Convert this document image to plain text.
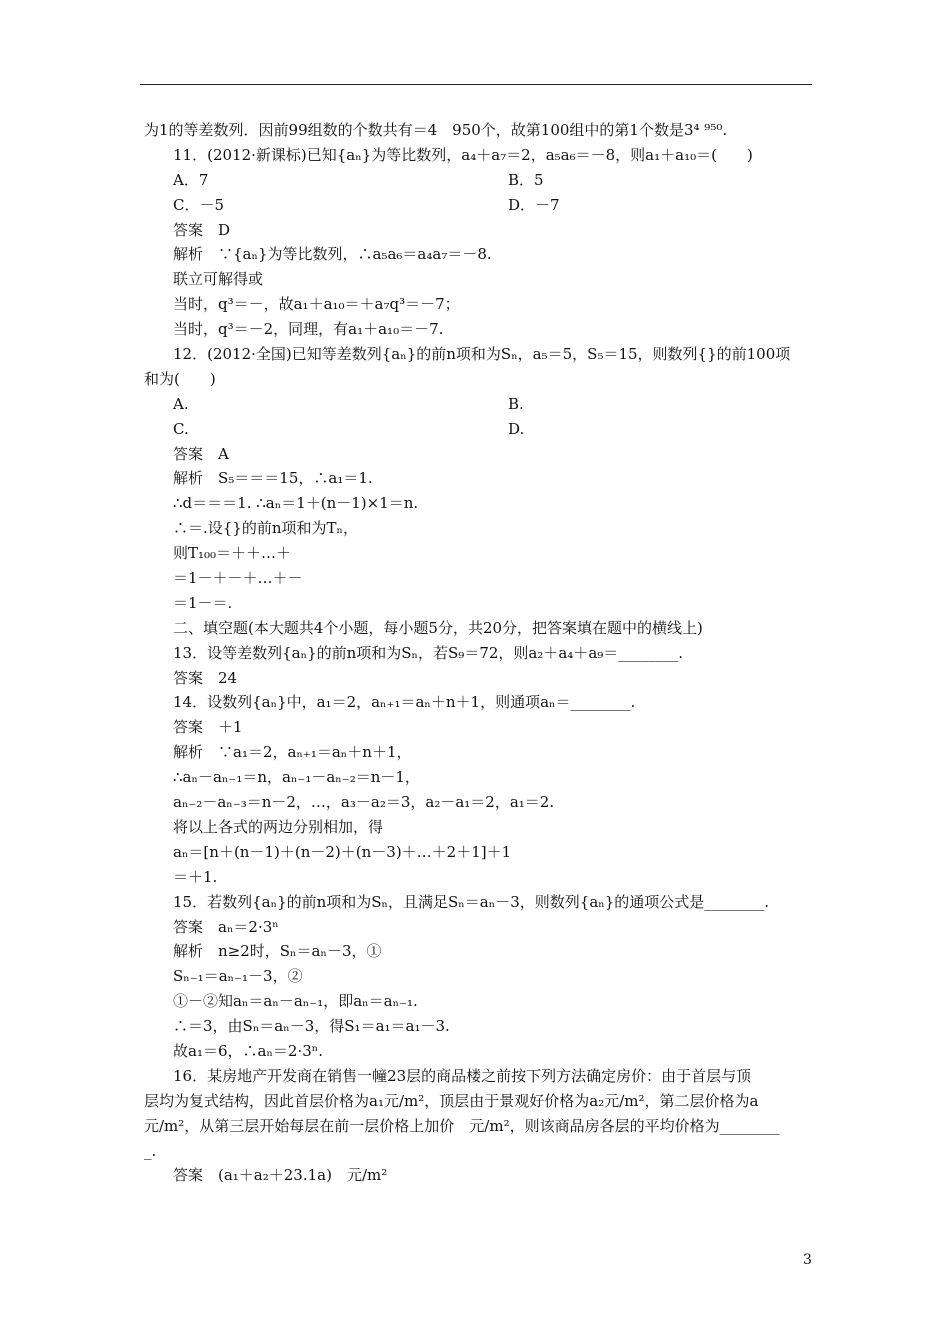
为1的等差数列．因前99组数的个数共有＝4　950个，故第100组中的第1个数是3⁴ ⁹⁵⁰.
11．(2012·新课标)已知{aₙ}为等比数列，a₄＋a₇＝2，a₅a₆＝－8，则a₁＋a₁₀＝(　　)
A．7	B．5
C．－5	D．－7
答案　D
解析　∵{aₙ}为等比数列，∴a₅a₆＝a₄a₇＝－8.
联立可解得或
当时，q³＝－，故a₁＋a₁₀＝＋a₇q³＝－7；
当时，q³＝－2，同理，有a₁＋a₁₀＝－7.
12．(2012·全国)已知等差数列{aₙ}的前n项和为Sₙ，a₅＝5，S₅＝15，则数列{}的前100项
和为(　　)
A.	B.
C.	D.
答案　A
解析　S₅＝＝＝15，∴a₁＝1.
∴d＝＝＝1. ∴aₙ＝1＋(n－1)×1＝n.
∴＝.设{}的前n项和为Tₙ，
则T₁₀₀＝＋＋…＋
＝1－＋－＋…＋－
＝1－＝.
二、填空题(本大题共4个小题，每小题5分，共20分，把答案填在题中的横线上)
13．设等差数列{aₙ}的前n项和为Sₙ，若S₉＝72，则a₂＋a₄＋a₉＝________.
答案　24
14．设数列{aₙ}中，a₁＝2，aₙ₊₁＝aₙ＋n＋1，则通项aₙ＝________.
答案　＋1
解析　∵a₁＝2，aₙ₊₁＝aₙ＋n＋1，
∴aₙ－aₙ₋₁＝n，aₙ₋₁－aₙ₋₂＝n－1，
aₙ₋₂－aₙ₋₃＝n－2，…，a₃－a₂＝3，a₂－a₁＝2，a₁＝2.
将以上各式的两边分别相加，得
aₙ＝[n＋(n－1)＋(n－2)＋(n－3)＋…＋2＋1]＋1
＝＋1.
15．若数列{aₙ}的前n项和为Sₙ，且满足Sₙ＝aₙ－3，则数列{aₙ}的通项公式是________.
答案　aₙ＝2·3ⁿ
解析　n≥2时，Sₙ＝aₙ－3，①
Sₙ₋₁＝aₙ₋₁－3，②
①－②知aₙ＝aₙ－aₙ₋₁，即aₙ＝aₙ₋₁.
∴＝3，由Sₙ＝aₙ－3，得S₁＝a₁＝a₁－3.
故a₁＝6，∴aₙ＝2·3ⁿ.
16．某房地产开发商在销售一幢23层的商品楼之前按下列方法确定房价：由于首层与顶
层均为复式结构，因此首层价格为a₁元/m²，顶层由于景观好价格为a₂元/m²，第二层价格为a
元/m²，从第三层开始每层在前一层价格上加价　元/m²，则该商品房各层的平均价格为________
_.
答案　(a₁＋a₂＋23.1a)　元/m²
3
